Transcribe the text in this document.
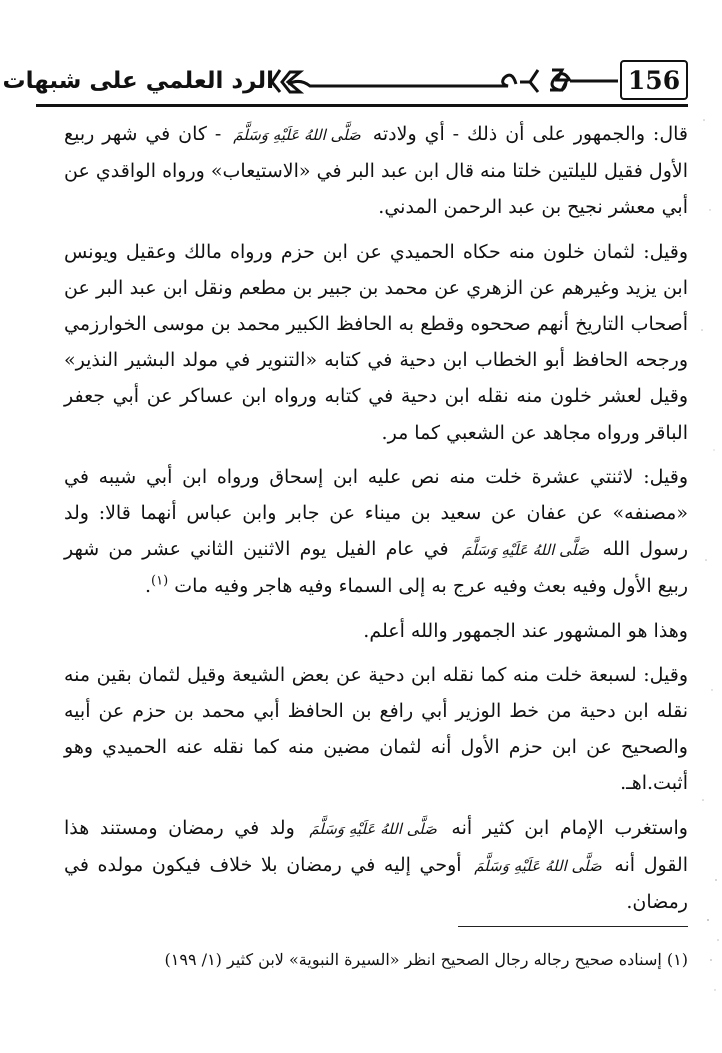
156
الرد العلمي على شبهات

قال: والجمهور على أن ذلك - أي ولادته صَلَّى اللهُ عَلَيْهِ وَسَلَّمَ - كان في شهر ربيع الأول فقيل لليلتين خلتا منه قال ابن عبد البر في «الاستيعاب» ورواه الواقدي عن أبي معشر نجيح بن عبد الرحمن المدني.

وقيل: لثمان خلون منه حكاه الحميدي عن ابن حزم ورواه مالك وعقيل ويونس ابن يزيد وغيرهم عن الزهري عن محمد بن جبير بن مطعم ونقل ابن عبد البر عن أصحاب التاريخ أنهم صححوه وقطع به الحافظ الكبير محمد بن موسى الخوارزمي ورجحه الحافظ أبو الخطاب ابن دحية في كتابه «التنوير في مولد البشير النذير» وقيل لعشر خلون منه نقله ابن دحية في كتابه ورواه ابن عساكر عن أبي جعفر الباقر ورواه مجاهد عن الشعبي كما مر.

وقيل: لاثنتي عشرة خلت منه نص عليه ابن إسحاق ورواه ابن أبي شيبه في «مصنفه» عن عفان عن سعيد بن ميناء عن جابر وابن عباس أنهما قالا: ولد رسول الله صَلَّى اللهُ عَلَيْهِ وَسَلَّمَ في عام الفيل يوم الاثنين الثاني عشر من شهر ربيع الأول وفيه بعث وفيه عرج به إلى السماء وفيه هاجر وفيه مات $^{(١)}$.

وهذا هو المشهور عند الجمهور والله أعلم.

وقيل: لسبعة خلت منه كما نقله ابن دحية عن بعض الشيعة وقيل لثمان بقين منه نقله ابن دحية من خط الوزير أبي رافع بن الحافظ أبي محمد بن حزم عن أبيه والصحيح عن ابن حزم الأول أنه لثمان مضين منه كما نقله عنه الحميدي وهو أثبت.اهـ.

واستغرب الإمام ابن كثير أنه صَلَّى اللهُ عَلَيْهِ وَسَلَّمَ ولد في رمضان ومستند هذا القول أنه صَلَّى اللهُ عَلَيْهِ وَسَلَّمَ أوحي إليه في رمضان بلا خلاف فيكون مولده في رمضان.

(١) إسناده صحيح رجاله رجال الصحيح انظر «السيرة النبوية» لابن كثير (١/ ١٩٩)
